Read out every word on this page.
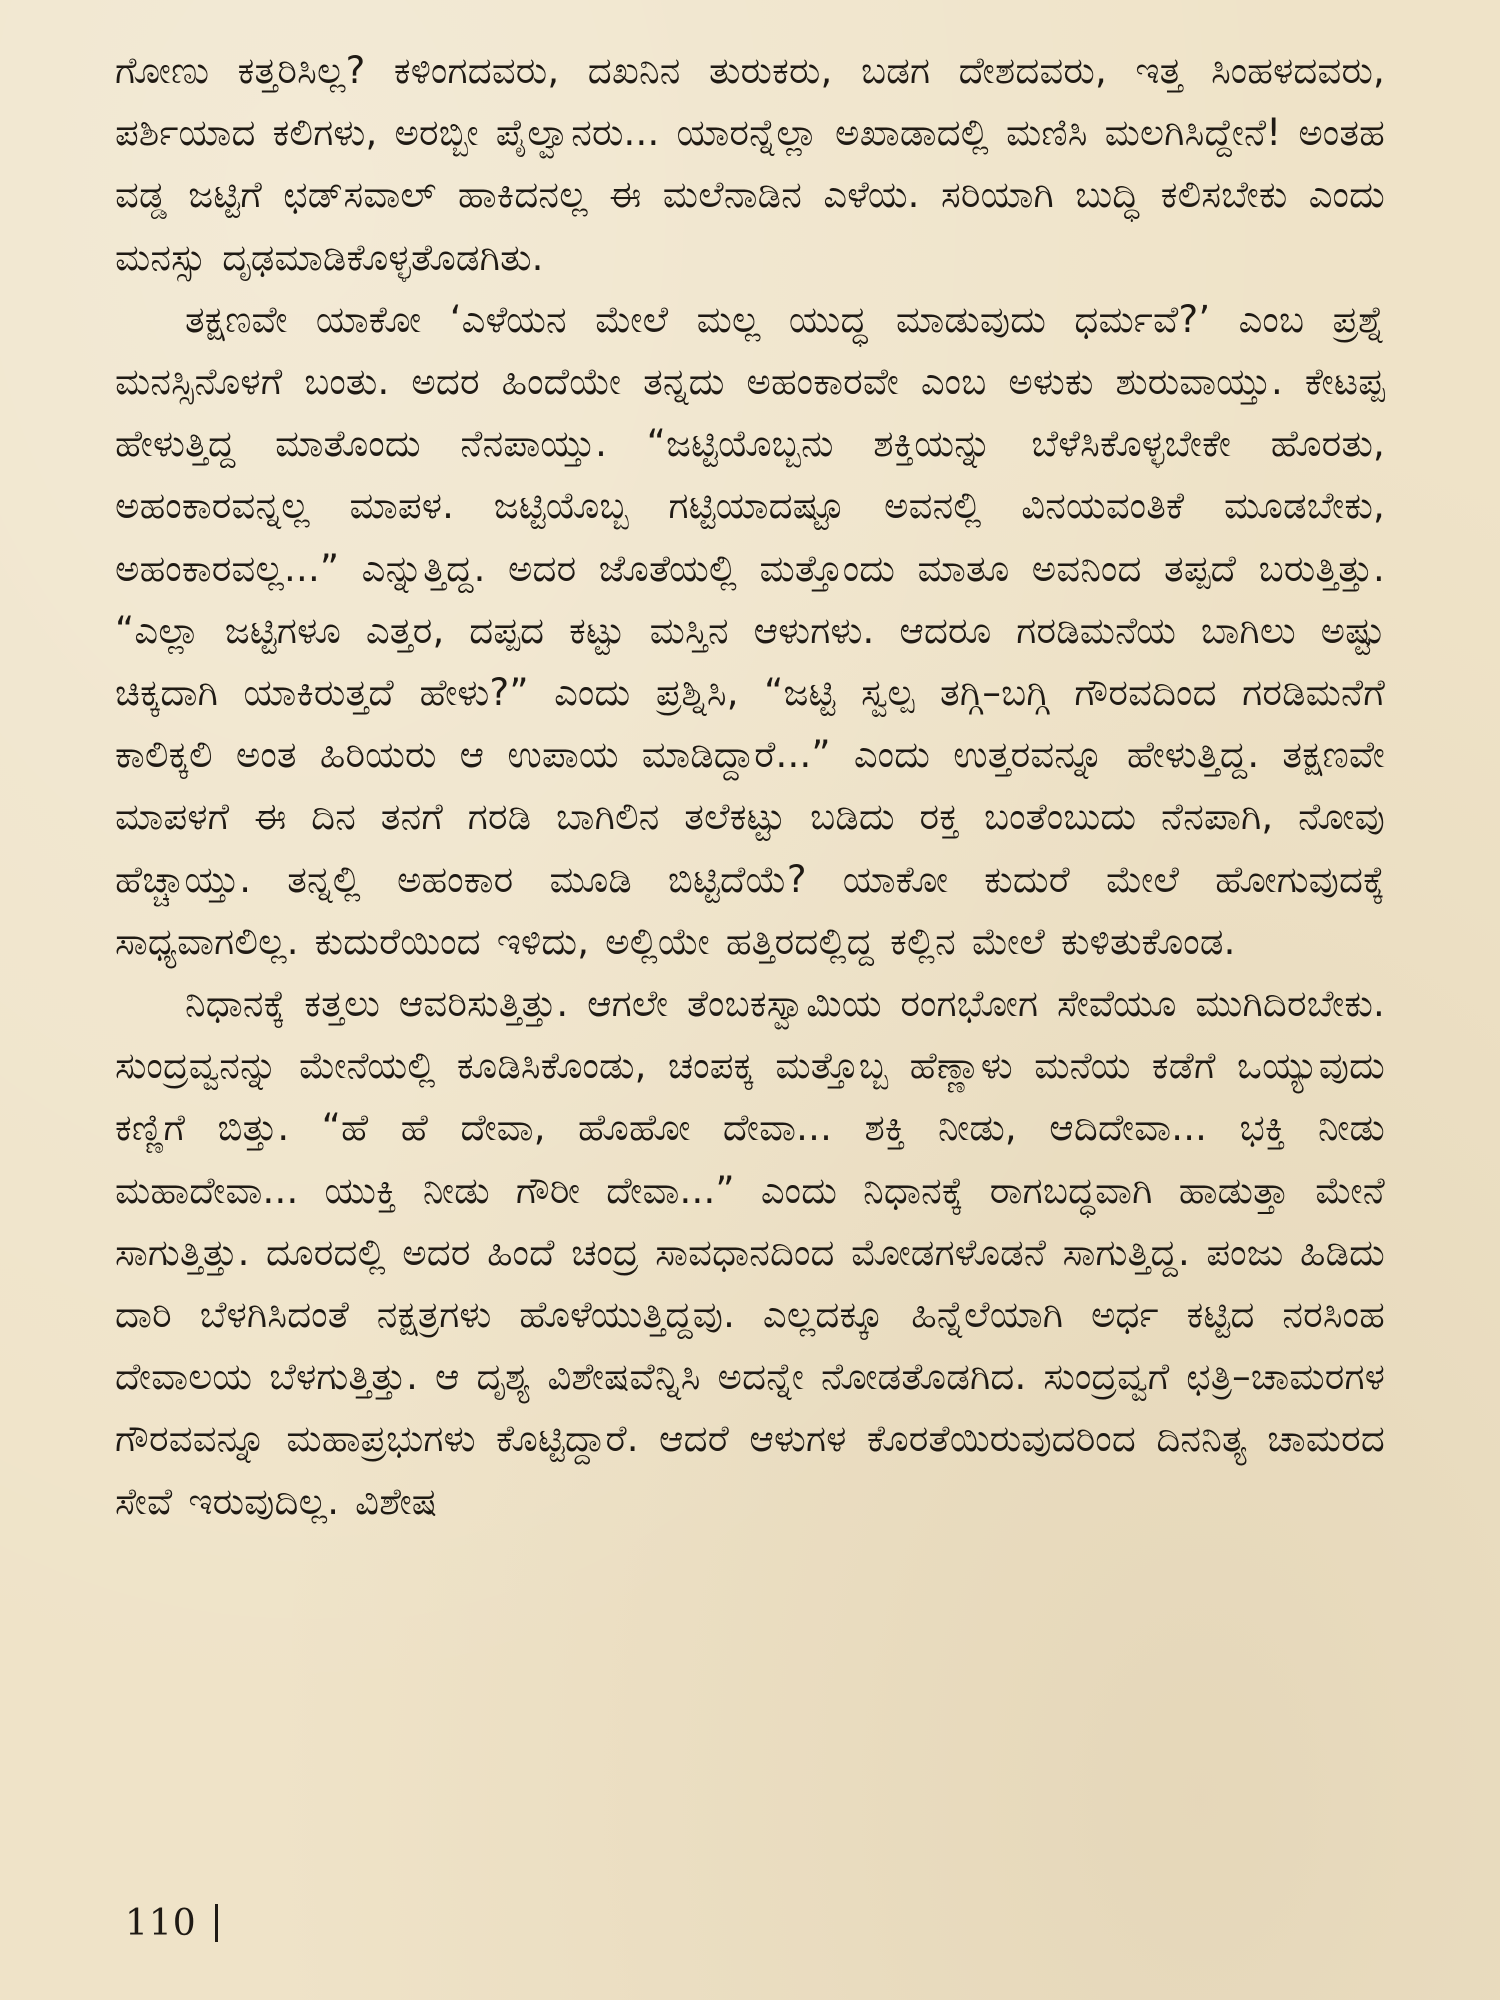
ಗೋಣು ಕತ್ತರಿಸಿಲ್ಲ? ಕಳಿಂಗದವರು, ದಖನಿನ ತುರುಕರು, ಬಡಗ ದೇಶದವರು, ಇತ್ತ ಸಿಂಹಳದವರು, ಪರ್ಶಿಯಾದ ಕಲಿಗಳು, ಅರಬ್ಬೀ ಪೈಲ್ವಾನರು... ಯಾರನ್ನೆಲ್ಲಾ ಅಖಾಡಾದಲ್ಲಿ ಮಣಿಸಿ ಮಲಗಿಸಿದ್ದೇನೆ! ಅಂತಹ ವಡ್ಡ ಜಟ್ಟಿಗೆ ಛಡ್‌ಸವಾಲ್ ಹಾಕಿದನಲ್ಲ ಈ ಮಲೆನಾಡಿನ ಎಳೆಯ. ಸರಿಯಾಗಿ ಬುದ್ಧಿ ಕಲಿಸಬೇಕು ಎಂದು ಮನಸ್ಸು ದೃಢಮಾಡಿಕೊಳ್ಳತೊಡಗಿತು.

ತಕ್ಷಣವೇ ಯಾಕೋ ‘ಎಳೆಯನ ಮೇಲೆ ಮಲ್ಲ ಯುದ್ಧ ಮಾಡುವುದು ಧರ್ಮವೆ?’ ಎಂಬ ಪ್ರಶ್ನೆ ಮನಸ್ಸಿನೊಳಗೆ ಬಂತು. ಅದರ ಹಿಂದೆಯೇ ತನ್ನದು ಅಹಂಕಾರವೇ ಎಂಬ ಅಳುಕು ಶುರುವಾಯ್ತು. ಕೇಟಪ್ಪ ಹೇಳುತ್ತಿದ್ದ ಮಾತೊಂದು ನೆನಪಾಯ್ತು. “ಜಟ್ಟಿಯೊಬ್ಬನು ಶಕ್ತಿಯನ್ನು ಬೆಳೆಸಿಕೊಳ್ಳಬೇಕೇ ಹೊರತು, ಅಹಂಕಾರವನ್ನಲ್ಲ ಮಾಪಳ. ಜಟ್ಟಿಯೊಬ್ಬ ಗಟ್ಟಿಯಾದಷ್ಟೂ ಅವನಲ್ಲಿ ವಿನಯವಂತಿಕೆ ಮೂಡಬೇಕು, ಅಹಂಕಾರವಲ್ಲ...” ಎನ್ನುತ್ತಿದ್ದ. ಅದರ ಜೊತೆಯಲ್ಲಿ ಮತ್ತೊಂದು ಮಾತೂ ಅವನಿಂದ ತಪ್ಪದೆ ಬರುತ್ತಿತ್ತು. “ಎಲ್ಲಾ ಜಟ್ಟಿಗಳೂ ಎತ್ತರ, ದಪ್ಪದ ಕಟ್ಟು ಮಸ್ತಿನ ಆಳುಗಳು. ಆದರೂ ಗರಡಿಮನೆಯ ಬಾಗಿಲು ಅಷ್ಟು ಚಿಕ್ಕದಾಗಿ ಯಾಕಿರುತ್ತದೆ ಹೇಳು?” ಎಂದು ಪ್ರಶ್ನಿಸಿ, “ಜಟ್ಟಿ ಸ್ವಲ್ಪ ತಗ್ಗಿ–ಬಗ್ಗಿ ಗೌರವದಿಂದ ಗರಡಿಮನೆಗೆ ಕಾಲಿಕ್ಕಲಿ ಅಂತ ಹಿರಿಯರು ಆ ಉಪಾಯ ಮಾಡಿದ್ದಾರೆ...” ಎಂದು ಉತ್ತರವನ್ನೂ ಹೇಳುತ್ತಿದ್ದ. ತಕ್ಷಣವೇ ಮಾಪಳಗೆ ಈ ದಿನ ತನಗೆ ಗರಡಿ ಬಾಗಿಲಿನ ತಲೆಕಟ್ಟು ಬಡಿದು ರಕ್ತ ಬಂತೆಂಬುದು ನೆನಪಾಗಿ, ನೋವು ಹೆಚ್ಚಾಯ್ತು. ತನ್ನಲ್ಲಿ ಅಹಂಕಾರ ಮೂಡಿ ಬಿಟ್ಟಿದೆಯೆ? ಯಾಕೋ ಕುದುರೆ ಮೇಲೆ ಹೋಗುವುದಕ್ಕೆ ಸಾಧ್ಯವಾಗಲಿಲ್ಲ. ಕುದುರೆಯಿಂದ ಇಳಿದು, ಅಲ್ಲಿಯೇ ಹತ್ತಿರದಲ್ಲಿದ್ದ ಕಲ್ಲಿನ ಮೇಲೆ ಕುಳಿತುಕೊಂಡ.

ನಿಧಾನಕ್ಕೆ ಕತ್ತಲು ಆವರಿಸುತ್ತಿತ್ತು. ಆಗಲೇ ತೆಂಬಕಸ್ವಾಮಿಯ ರಂಗಭೋಗ ಸೇವೆಯೂ ಮುಗಿದಿರಬೇಕು. ಸುಂದ್ರವ್ವನನ್ನು ಮೇನೆಯಲ್ಲಿ ಕೂಡಿಸಿಕೊಂಡು, ಚಂಪಕ್ಕ ಮತ್ತೊಬ್ಬ ಹೆಣ್ಣಾಳು ಮನೆಯ ಕಡೆಗೆ ಒಯ್ಯುವುದು ಕಣ್ಣಿಗೆ ಬಿತ್ತು. “ಹೆ ಹೆ ದೇವಾ, ಹೊಹೋ ದೇವಾ... ಶಕ್ತಿ ನೀಡು, ಆದಿದೇವಾ... ಭಕ್ತಿ ನೀಡು ಮಹಾದೇವಾ... ಯುಕ್ತಿ ನೀಡು ಗೌರೀ ದೇವಾ...” ಎಂದು ನಿಧಾನಕ್ಕೆ ರಾಗಬದ್ಧವಾಗಿ ಹಾಡುತ್ತಾ ಮೇನೆ ಸಾಗುತ್ತಿತ್ತು. ದೂರದಲ್ಲಿ ಅದರ ಹಿಂದೆ ಚಂದ್ರ ಸಾವಧಾನದಿಂದ ಮೋಡಗಳೊಡನೆ ಸಾಗುತ್ತಿದ್ದ. ಪಂಜು ಹಿಡಿದು ದಾರಿ ಬೆಳಗಿಸಿದಂತೆ ನಕ್ಷತ್ರಗಳು ಹೊಳೆಯುತ್ತಿದ್ದವು. ಎಲ್ಲದಕ್ಕೂ ಹಿನ್ನೆಲೆಯಾಗಿ ಅರ್ಧ ಕಟ್ಟಿದ ನರಸಿಂಹ ದೇವಾಲಯ ಬೆಳಗುತ್ತಿತ್ತು. ಆ ದೃಶ್ಯ ವಿಶೇಷವೆನ್ನಿಸಿ ಅದನ್ನೇ ನೋಡತೊಡಗಿದ. ಸುಂದ್ರವ್ವಗೆ ಛತ್ರಿ–ಚಾಮರಗಳ ಗೌರವವನ್ನೂ ಮಹಾಪ್ರಭುಗಳು ಕೊಟ್ಟಿದ್ದಾರೆ. ಆದರೆ ಆಳುಗಳ ಕೊರತೆಯಿರುವುದರಿಂದ ದಿನನಿತ್ಯ ಚಾಮರದ ಸೇವೆ ಇರುವುದಿಲ್ಲ. ವಿಶೇಷ

110
